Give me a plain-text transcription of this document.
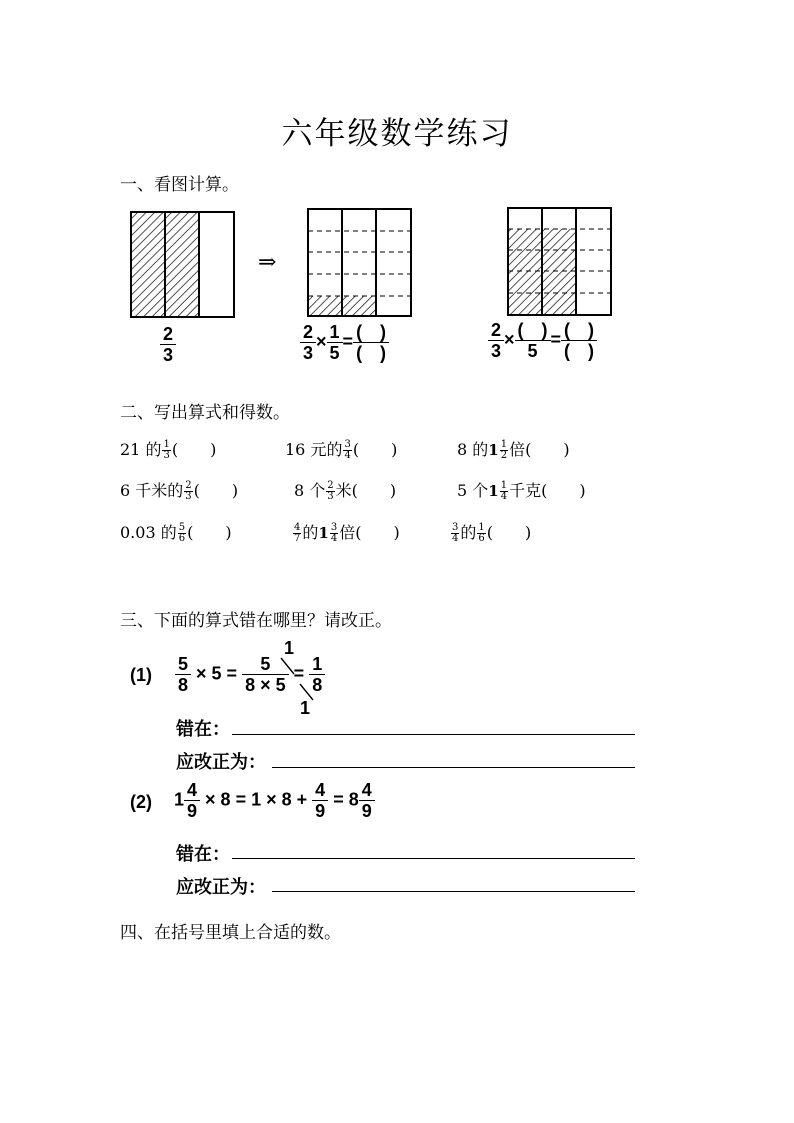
六年级数学练习
一、看图计算。
$\frac{2}{3}$
⇒
$\frac{2}{3} \times \frac{1}{5}$ = (　)
(　)	$\frac{2}{3}$ × (　)
5
= (　)
(　)
二、写出算式和得数。
21 的 $\frac{1}{3}$ (　　)	16 元的 $\frac{3}{4}$ (　　)	8 的$1 \frac{1}{2}$ 倍(　　)
6 千米的 $\frac{2}{3}$ (　　)	8 个 $\frac{2}{3}$ 米(　　)	5 个$1 \frac{1}{4}$ 千克(　　)
0.03 的 $\frac{5}{6}$ (　　)	$\frac{4}{7}$ 的$1 \frac{3}{4}$ 倍(　　)	$\frac{3}{4}$ 的 $\frac{1}{6}$ (　　)
三、下面的算式错在哪里？请改正。
$(1) \frac{5}{8} \times 5 = \frac{5}{8 \times 5} = \frac{1}{8}$
1
1
错在：
应改正为：
(2) $1 \frac{4}{9} \times 8 = 1 \times 8 + \frac{4}{9} = 8 \frac{4}{9}$
错在：
应改正为：
四、在括号里填上合适的数。
